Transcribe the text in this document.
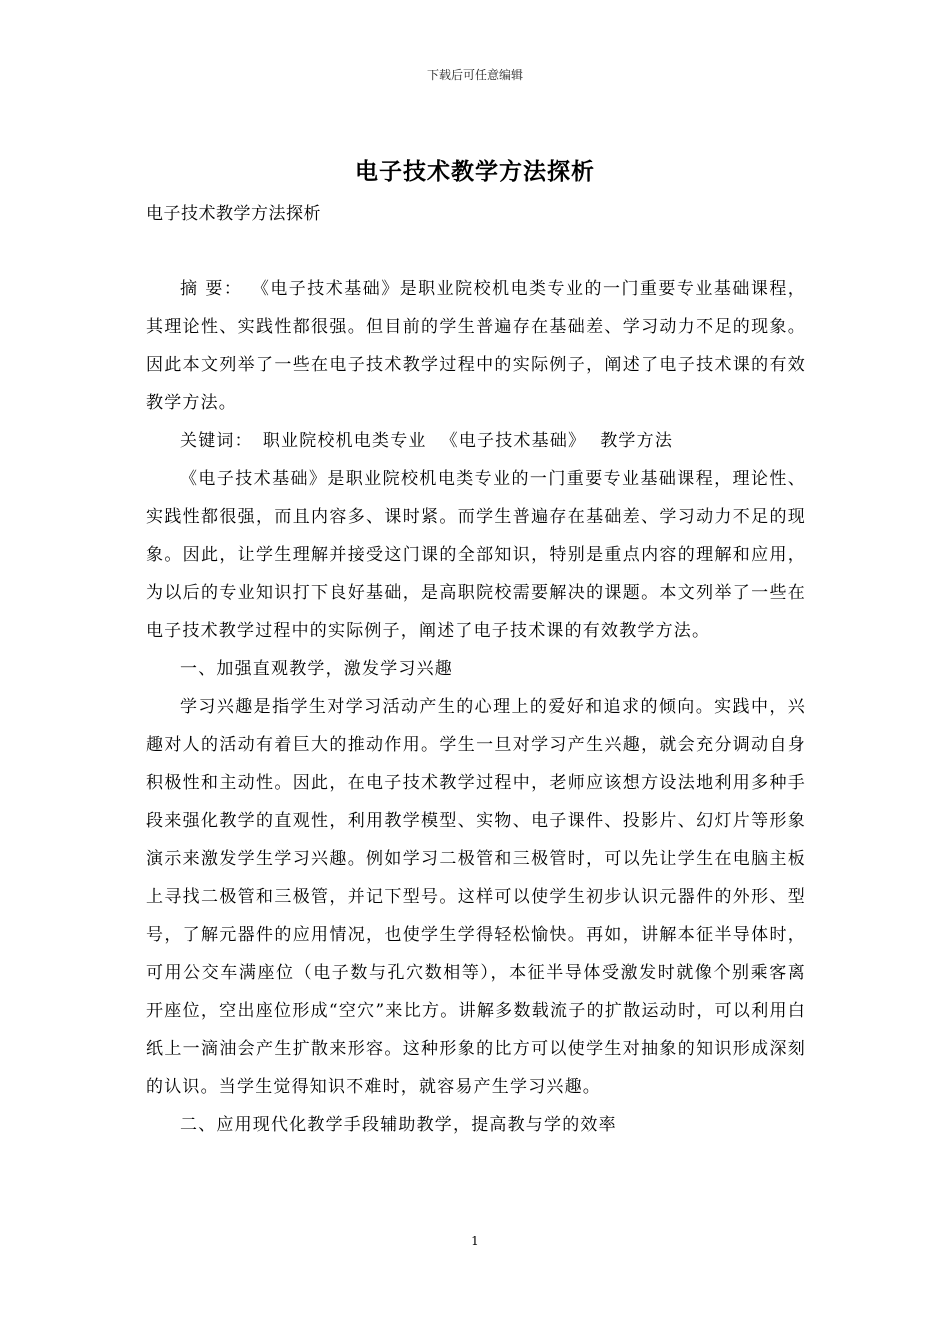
下载后可任意编辑
电子技术教学方法探析
电子技术教学方法探析

摘 要： 《电子技术基础》是职业院校机电类专业的一门重要专业基础课程，其理论性、实践性都很强。但目前的学生普遍存在基础差、学习动力不足的现象。因此本文列举了一些在电子技术教学过程中的实际例子，阐述了电子技术课的有效教学方法。

关键词： 职业院校机电类专业 《电子技术基础》 教学方法

《电子技术基础》是职业院校机电类专业的一门重要专业基础课程，理论性、实践性都很强，而且内容多、课时紧。而学生普遍存在基础差、学习动力不足的现象。因此，让学生理解并接受这门课的全部知识，特别是重点内容的理解和应用，为以后的专业知识打下良好基础，是高职院校需要解决的课题。本文列举了一些在电子技术教学过程中的实际例子，阐述了电子技术课的有效教学方法。

一、加强直观教学，激发学习兴趣

学习兴趣是指学生对学习活动产生的心理上的爱好和追求的倾向。实践中，兴趣对人的活动有着巨大的推动作用。学生一旦对学习产生兴趣，就会充分调动自身积极性和主动性。因此，在电子技术教学过程中，老师应该想方设法地利用多种手段来强化教学的直观性，利用教学模型、实物、电子课件、投影片、幻灯片等形象演示来激发学生学习兴趣。例如学习二极管和三极管时，可以先让学生在电脑主板上寻找二极管和三极管，并记下型号。这样可以使学生初步认识元器件的外形、型号，了解元器件的应用情况，也使学生学得轻松愉快。再如，讲解本征半导体时，可用公交车满座位（电子数与孔穴数相等），本征半导体受激发时就像个别乘客离开座位，空出座位形成“空穴”来比方。讲解多数载流子的扩散运动时，可以利用白纸上一滴油会产生扩散来形容。这种形象的比方可以使学生对抽象的知识形成深刻的认识。当学生觉得知识不难时，就容易产生学习兴趣。

二、应用现代化教学手段辅助教学，提高教与学的效率

1
